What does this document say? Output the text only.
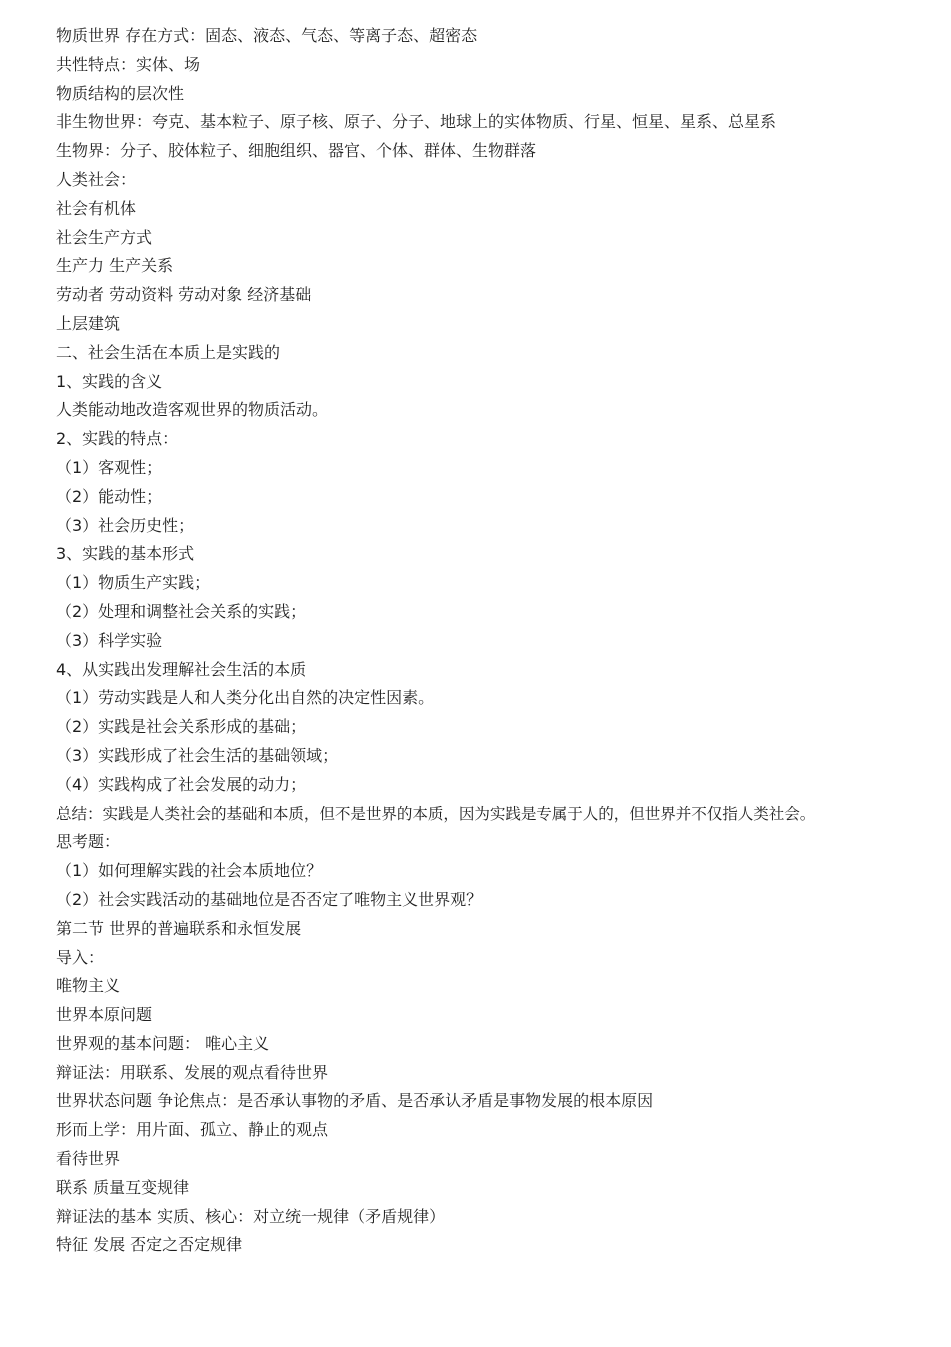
物质世界 存在方式：固态、液态、气态、等离子态、超密态
共性特点：实体、场
物质结构的层次性
非生物世界：夸克、基本粒子、原子核、原子、分子、地球上的实体物质、行星、恒星、星系、总星系
生物界：分子、胶体粒子、细胞组织、器官、个体、群体、生物群落
人类社会：
社会有机体
社会生产方式
生产力 生产关系
劳动者 劳动资料 劳动对象 经济基础
上层建筑
二、社会生活在本质上是实践的
1、实践的含义
人类能动地改造客观世界的物质活动。
2、实践的特点：
（1）客观性；
（2）能动性；
（3）社会历史性；
3、实践的基本形式
（1）物质生产实践；
（2）处理和调整社会关系的实践；
（3）科学实验
4、从实践出发理解社会生活的本质
（1）劳动实践是人和人类分化出自然的决定性因素。
（2）实践是社会关系形成的基础；
（3）实践形成了社会生活的基础领域；
（4）实践构成了社会发展的动力；
总结：实践是人类社会的基础和本质，但不是世界的本质，因为实践是专属于人的，但世界并不仅指人类社会。
思考题：
（1）如何理解实践的社会本质地位？
（2）社会实践活动的基础地位是否否定了唯物主义世界观？
第二节 世界的普遍联系和永恒发展
导入：
唯物主义
世界本原问题
世界观的基本问题： 唯心主义
辩证法：用联系、发展的观点看待世界
世界状态问题 争论焦点：是否承认事物的矛盾、是否承认矛盾是事物发展的根本原因
形而上学：用片面、孤立、静止的观点
看待世界
联系 质量互变规律
辩证法的基本 实质、核心：对立统一规律（矛盾规律）
特征 发展 否定之否定规律
